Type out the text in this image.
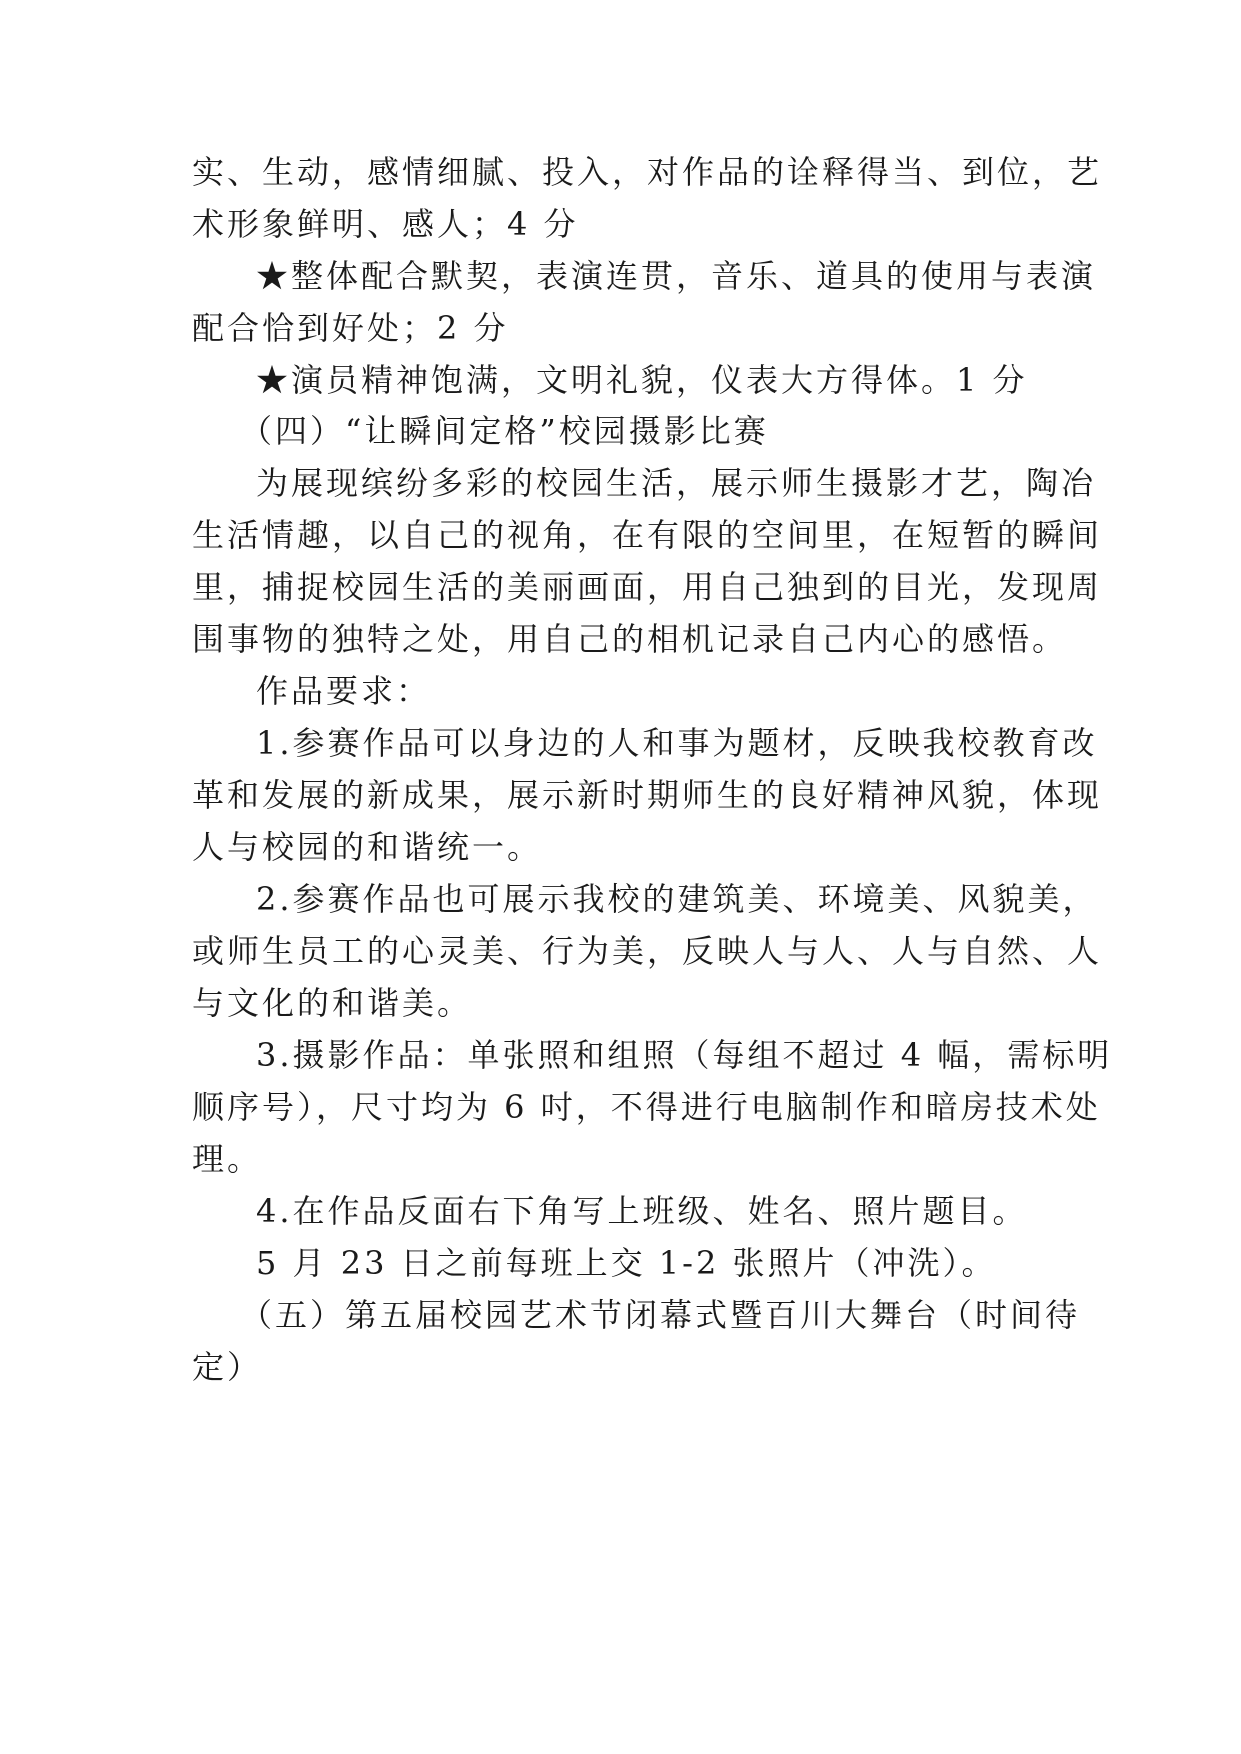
实、生动，感情细腻、投入，对作品的诠释得当、到位，艺
术形象鲜明、感人；4 分
★整体配合默契，表演连贯，音乐、道具的使用与表演
配合恰到好处；2 分
★演员精神饱满，文明礼貌，仪表大方得体。1 分
（四）“让瞬间定格”校园摄影比赛
为展现缤纷多彩的校园生活，展示师生摄影才艺，陶冶
生活情趣，以自己的视角，在有限的空间里，在短暂的瞬间
里，捕捉校园生活的美丽画面，用自己独到的目光，发现周
围事物的独特之处，用自己的相机记录自己内心的感悟。
作品要求：
1.参赛作品可以身边的人和事为题材，反映我校教育改
革和发展的新成果，展示新时期师生的良好精神风貌，体现
人与校园的和谐统一。
2.参赛作品也可展示我校的建筑美、环境美、风貌美，
或师生员工的心灵美、行为美，反映人与人、人与自然、人
与文化的和谐美。
3.摄影作品：单张照和组照（每组不超过 4 幅，需标明
顺序号），尺寸均为 6 吋，不得进行电脑制作和暗房技术处
理。
4.在作品反面右下角写上班级、姓名、照片题目。
5 月 23 日之前每班上交 1-2 张照片（冲洗）。
（五）第五届校园艺术节闭幕式暨百川大舞台（时间待
定）
